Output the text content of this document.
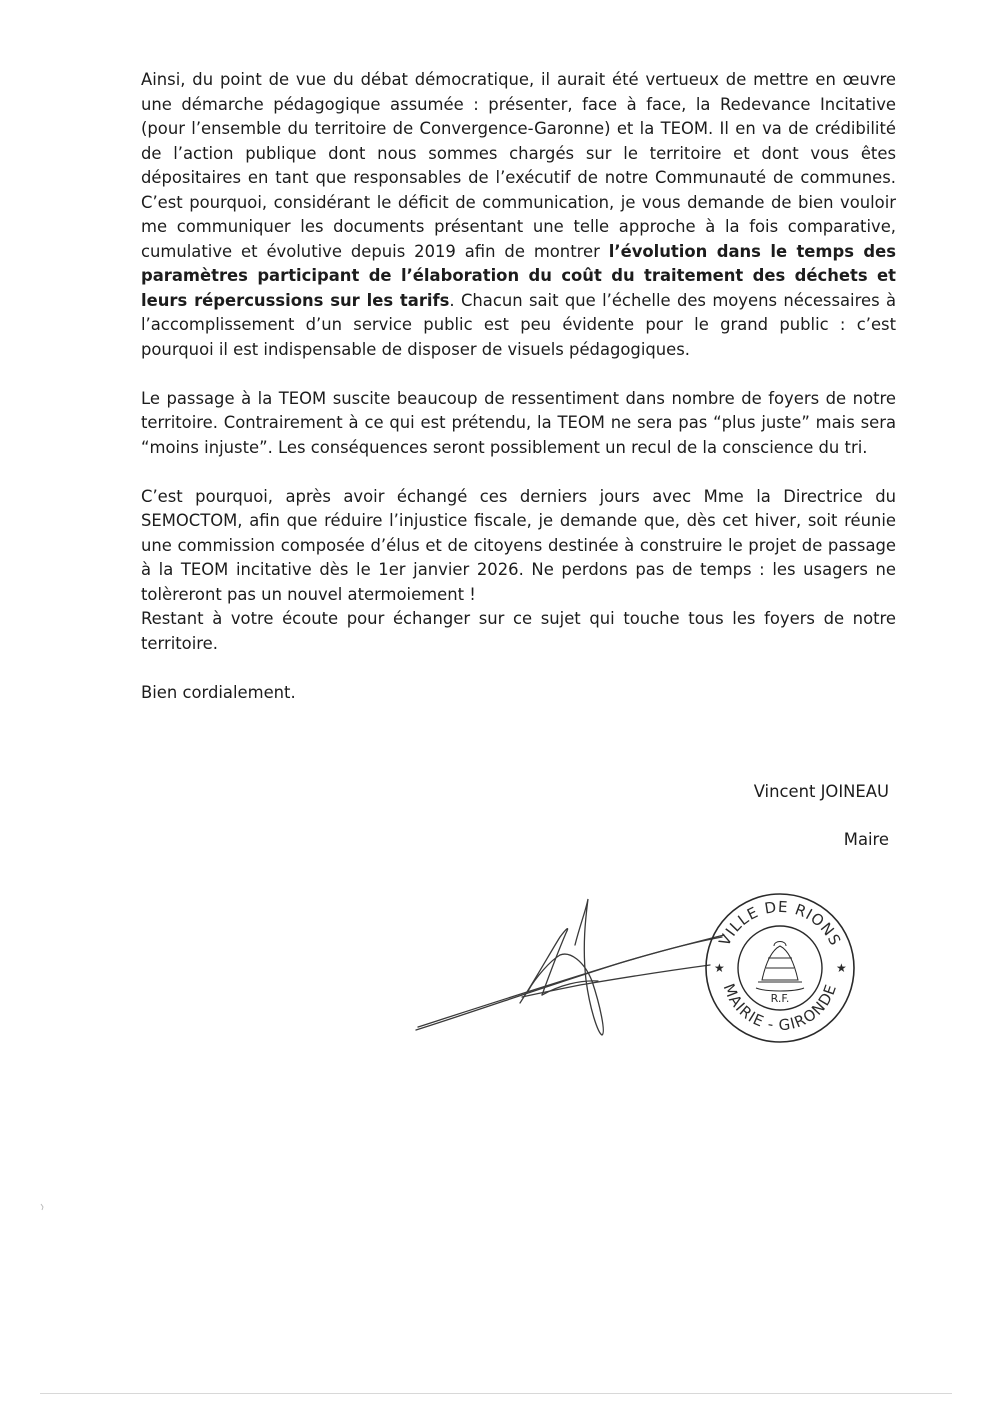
Ainsi, du point de vue du débat démocratique, il aurait été vertueux de mettre en œuvre une démarche pédagogique assumée : présenter, face à face, la Redevance Incitative (pour l’ensemble du territoire de Convergence-Garonne) et la TEOM. Il en va de crédibilité de l’action publique dont nous sommes chargés sur le territoire et dont vous êtes dépositaires en tant que responsables de l’exécutif de notre Communauté de communes. C’est pourquoi, considérant le déficit de communication, je vous demande de bien vouloir me communiquer les documents présentant une telle approche à la fois comparative, cumulative et évolutive depuis 2019 afin de montrer l’évolution dans le temps des paramètres participant de l’élaboration du coût du traitement des déchets et leurs répercussions sur les tarifs. Chacun sait que l’échelle des moyens nécessaires à l’accomplissement d’un service public est peu évidente pour le grand public : c’est pourquoi il est indispensable de disposer de visuels pédagogiques.

Le passage à la TEOM suscite beaucoup de ressentiment dans nombre de foyers de notre territoire. Contrairement à ce qui est prétendu, la TEOM ne sera pas “plus juste” mais sera “moins injuste”. Les conséquences seront possiblement un recul de la conscience du tri.

C’est pourquoi, après avoir échangé ces derniers jours avec Mme la Directrice du SEMOCTOM, afin que réduire l’injustice fiscale, je demande que, dès cet hiver, soit réunie une commission composée d’élus et de citoyens destinée à construire le projet de passage à la TEOM incitative dès le 1er janvier 2026. Ne perdons pas de temps : les usagers ne tolèreront pas un nouvel atermoiement !

Restant à votre écoute pour échanger sur ce sujet qui touche tous les foyers de notre territoire.

Bien cordialement.

Vincent JOINEAU
Maire
VILLE DE RIONS
MAIRIE - GIRONDE
★	★
R.F.
